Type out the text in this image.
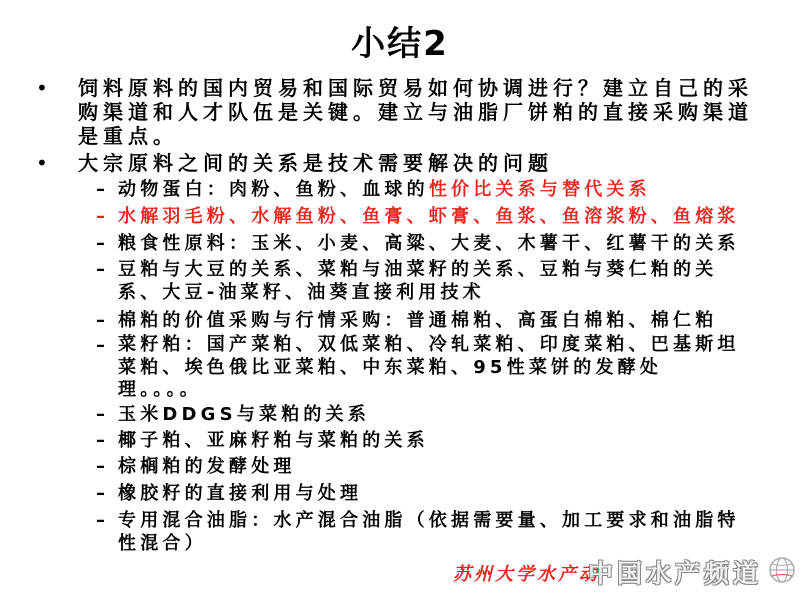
小结2
• 饲料原料的国内贸易和国际贸易如何协调进行？建立自己的采
购渠道和人才队伍是关键。建立与油脂厂饼粕的直接采购渠道
是重点。
• 大宗原料之间的关系是技术需要解决的问题
– 动物蛋白：肉粉、鱼粉、血球的性价比关系与替代关系
– 水解羽毛粉、水解鱼粉、鱼膏、虾膏、鱼浆、鱼溶浆粉、鱼熔浆
– 粮食性原料：玉米、小麦、高粱、大麦、木薯干、红薯干的关系
– 豆粕与大豆的关系、菜粕与油菜籽的关系、豆粕与葵仁粕的关
系、大豆-油菜籽、油葵直接利用技术
– 棉粕的价值采购与行情采购：普通棉粕、高蛋白棉粕、棉仁粕
– 菜籽粕：国产菜粕、双低菜粕、冷轧菜粕、印度菜粕、巴基斯坦
菜粕、埃色俄比亚菜粕、中东菜粕、95性菜饼的发酵处
理。。。。
– 玉米DDGS与菜粕的关系
– 椰子粕、亚麻籽粕与菜粕的关系
– 棕榈粕的发酵处理
– 橡胶籽的直接利用与处理
– 专用混合油脂：水产混合油脂（依据需要量、加工要求和油脂特
性混合）
苏州大学水产动
中国水产频道
